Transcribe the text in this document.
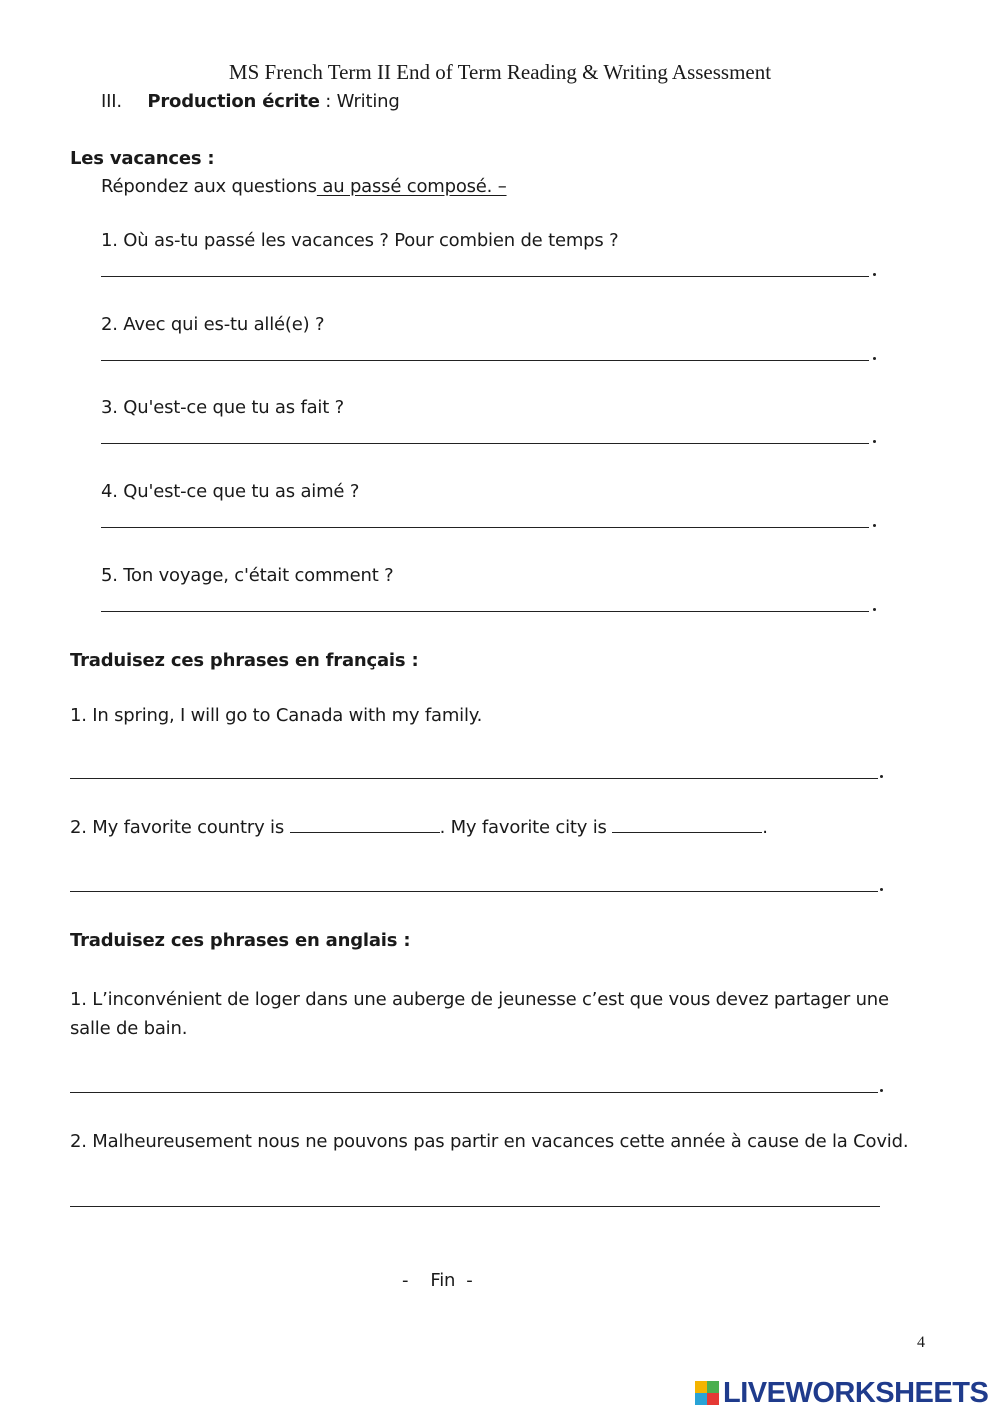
MS French Term II End of Term Reading & Writing Assessment
III. Production écrite : Writing
Les vacances :
Répondez aux questions au passé composé. –
1. Où as-tu passé les vacances ? Pour combien de temps ?
2. Avec qui es-tu allé(e) ?
3. Qu'est-ce que tu as fait ?
4. Qu'est-ce que tu as aimé ?
5. Ton voyage, c'était comment ?
Traduisez ces phrases en français :
1. In spring, I will go to Canada with my family.
2. My favorite country is	. My favorite city is	.
Traduisez ces phrases en anglais :
1. L’inconvénient de loger dans une auberge de jeunesse c’est que vous devez partager une
salle de bain.
2. Malheureusement nous ne pouvons pas partir en vacances cette année à cause de la Covid.
-    Fin  -
4
LIVEWORKSHEETS
